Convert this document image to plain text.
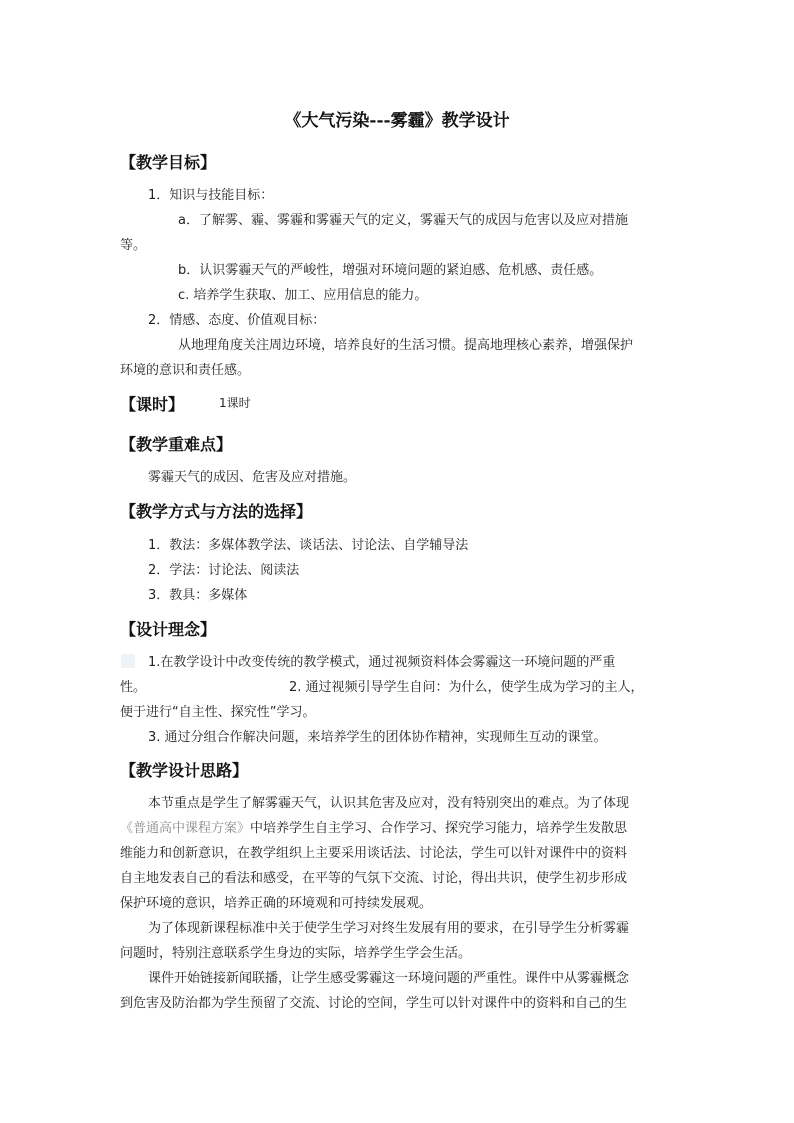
《大气污染---雾霾》教学设计
【教学目标】
1．知识与技能目标：
a．了解雾、霾、雾霾和雾霾天气的定义，雾霾天气的成因与危害以及应对措施
等。
b．认识雾霾天气的严峻性，增强对环境问题的紧迫感、危机感、责任感。
c. 培养学生获取、加工、应用信息的能力。
2．情感、态度、价值观目标：
从地理角度关注周边环境，培养良好的生活习惯。提高地理核心素养，增强保护
环境的意识和责任感。
【课时】	1课时
【教学重难点】
雾霾天气的成因、危害及应对措施。
【教学方式与方法的选择】
1．教法：多媒体教学法、谈话法、讨论法、自学辅导法
2．学法：讨论法、阅读法
3．教具：多媒体
【设计理念】
1.在教学设计中改变传统的教学模式，通过视频资料体会雾霾这一环境问题的严重
性。	2. 通过视频引导学生自问：为什么，使学生成为学习的主人，
便于进行“自主性、探究性”学习。
3. 通过分组合作解决问题，来培养学生的团体协作精神，实现师生互动的课堂。
【教学设计思路】
本节重点是学生了解雾霾天气，认识其危害及应对，没有特别突出的难点。为了体现
《普通高中课程方案》中培养学生自主学习、合作学习、探究学习能力，培养学生发散思
维能力和创新意识，在教学组织上主要采用谈话法、讨论法，学生可以针对课件中的资料
自主地发表自己的看法和感受，在平等的气氛下交流、讨论，得出共识，使学生初步形成
保护环境的意识，培养正确的环境观和可持续发展观。
为了体现新课程标准中关于使学生学习对终生发展有用的要求，在引导学生分析雾霾
问题时，特别注意联系学生身边的实际，培养学生学会生活。
课件开始链接新闻联播，让学生感受雾霾这一环境问题的严重性。课件中从雾霾概念
到危害及防治都为学生预留了交流、讨论的空间，学生可以针对课件中的资料和自己的生
